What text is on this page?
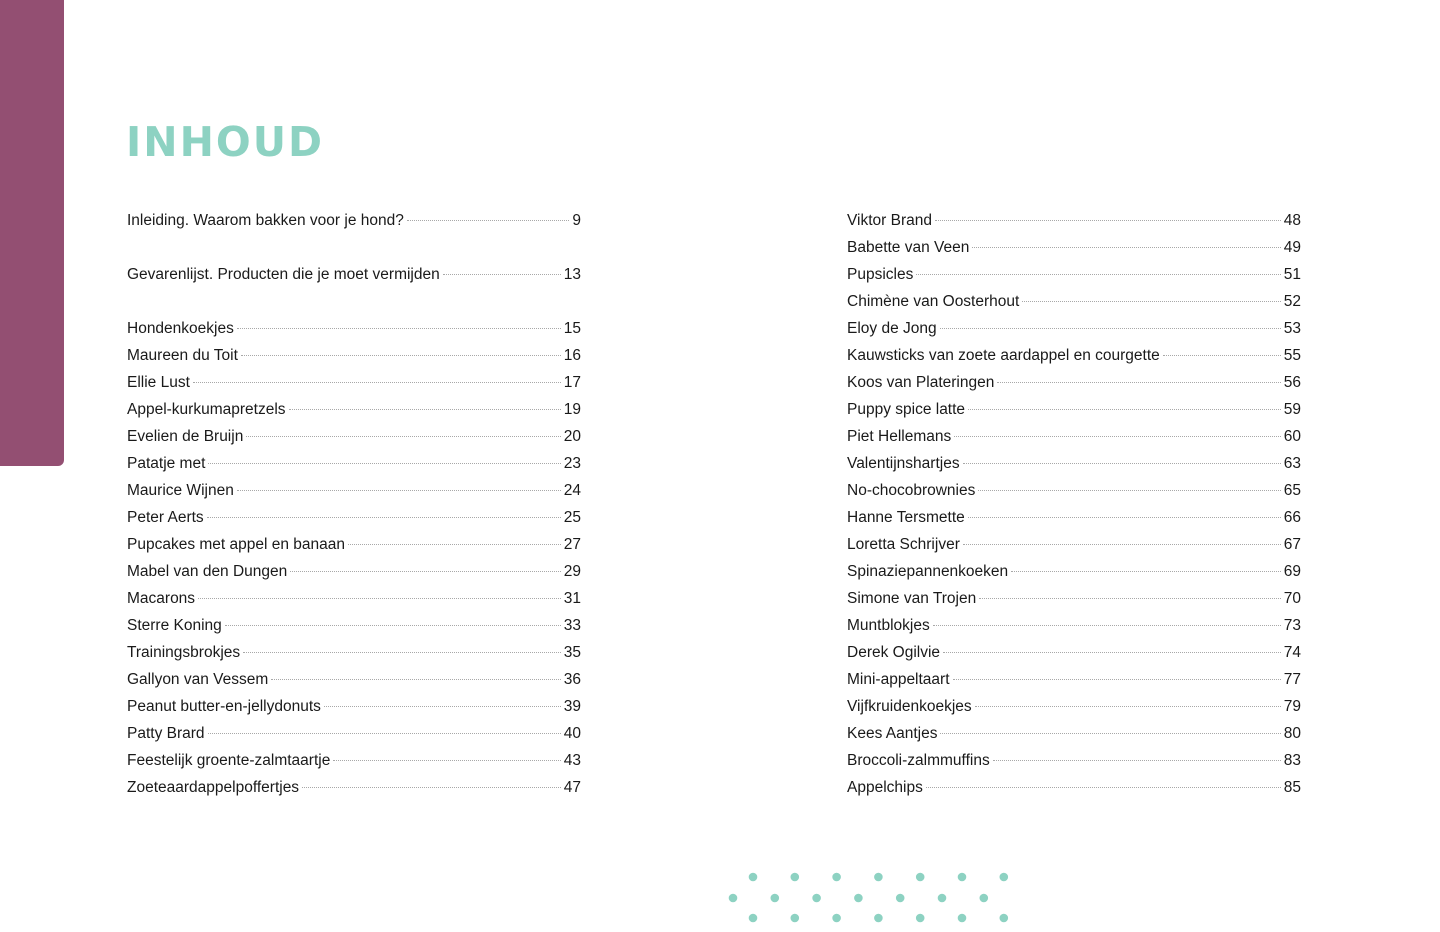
INHOUD
Inleiding. Waarom bakken voor je hond?	9
Gevarenlijst. Producten die je moet vermijden	13
Hondenkoekjes	15
Maureen du Toit	16
Ellie Lust	17
Appel-kurkumapretzels	19
Evelien de Bruijn	20
Patatje met	23
Maurice Wijnen	24
Peter Aerts	25
Pupcakes met appel en banaan	27
Mabel van den Dungen	29
Macarons	31
Sterre Koning	33
Trainingsbrokjes	35
Gallyon van Vessem	36
Peanut butter-en-jellydonuts	39
Patty Brard	40
Feestelijk groente-zalmtaartje	43
Zoeteaardappelpoffertjes	47
Viktor Brand	48
Babette van Veen	49
Pupsicles	51
Chimène van Oosterhout	52
Eloy de Jong	53
Kauwsticks van zoete aardappel en courgette	55
Koos van Plateringen	56
Puppy spice latte	59
Piet Hellemans	60
Valentijnshartjes	63
No-chocobrownies	65
Hanne Tersmette	66
Loretta Schrijver	67
Spinaziepannenkoeken	69
Simone van Trojen	70
Muntblokjes	73
Derek Ogilvie	74
Mini-appeltaart	77
Vijfkruidenkoekjes	79
Kees Aantjes	80
Broccoli-zalmmuffins	83
Appelchips	85
